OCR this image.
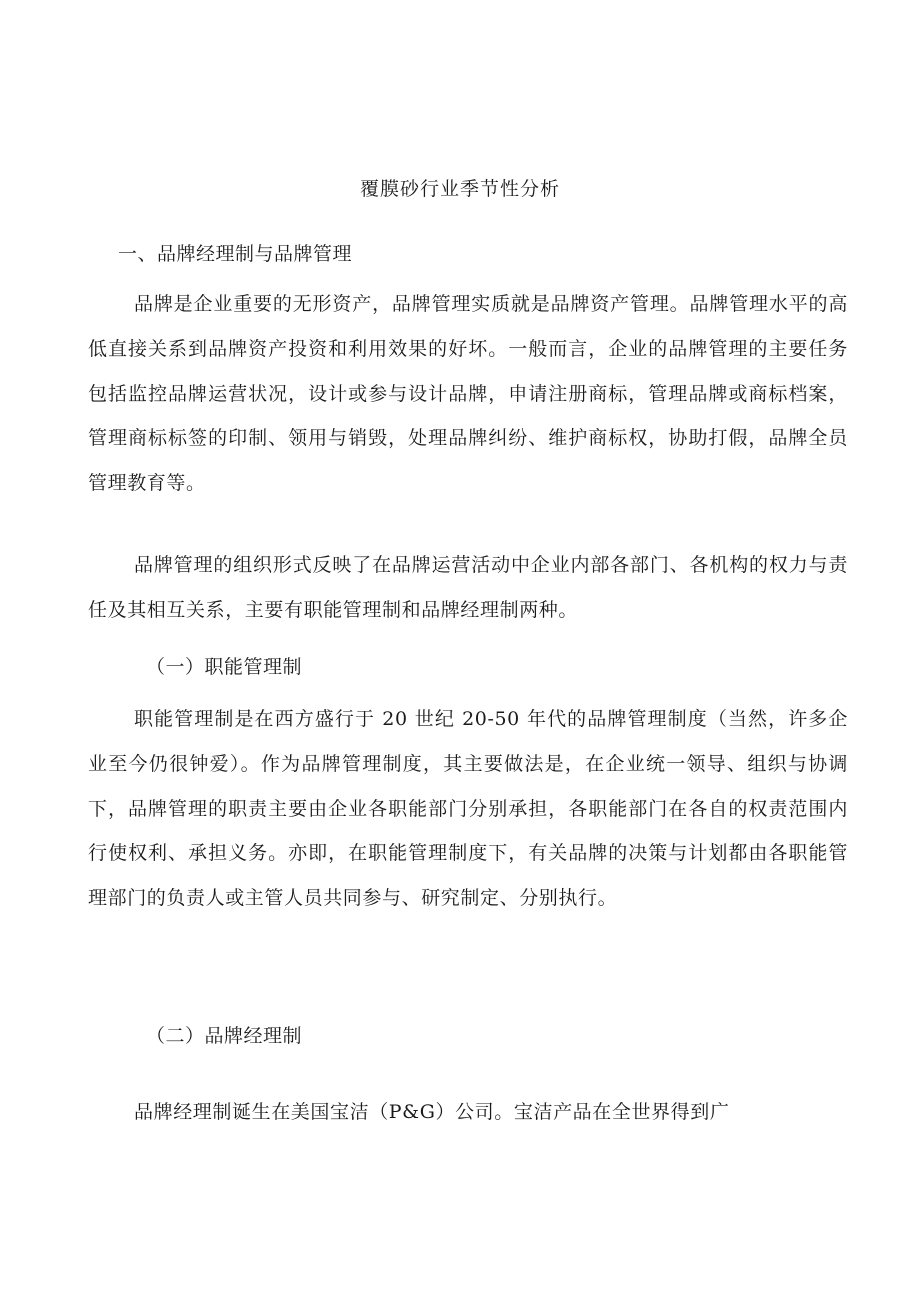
覆膜砂行业季节性分析
一、品牌经理制与品牌管理
品牌是企业重要的无形资产，品牌管理实质就是品牌资产管理。品牌管理水平的高低直接关系到品牌资产投资和利用效果的好坏。一般而言，企业的品牌管理的主要任务包括监控品牌运营状况，设计或参与设计品牌，申请注册商标，管理品牌或商标档案，管理商标标签的印制、领用与销毁，处理品牌纠纷、维护商标权，协助打假，品牌全员管理教育等。
品牌管理的组织形式反映了在品牌运营活动中企业内部各部门、各机构的权力与责任及其相互关系，主要有职能管理制和品牌经理制两种。
（一）职能管理制
职能管理制是在西方盛行于 20 世纪 20-50 年代的品牌管理制度（当然，许多企业至今仍很钟爱）。作为品牌管理制度，其主要做法是，在企业统一领导、组织与协调下，品牌管理的职责主要由企业各职能部门分别承担，各职能部门在各自的权责范围内行使权利、承担义务。亦即，在职能管理制度下，有关品牌的决策与计划都由各职能管理部门的负责人或主管人员共同参与、研究制定、分别执行。
（二）品牌经理制
品牌经理制诞生在美国宝洁（P&G）公司。宝洁产品在全世界得到广
